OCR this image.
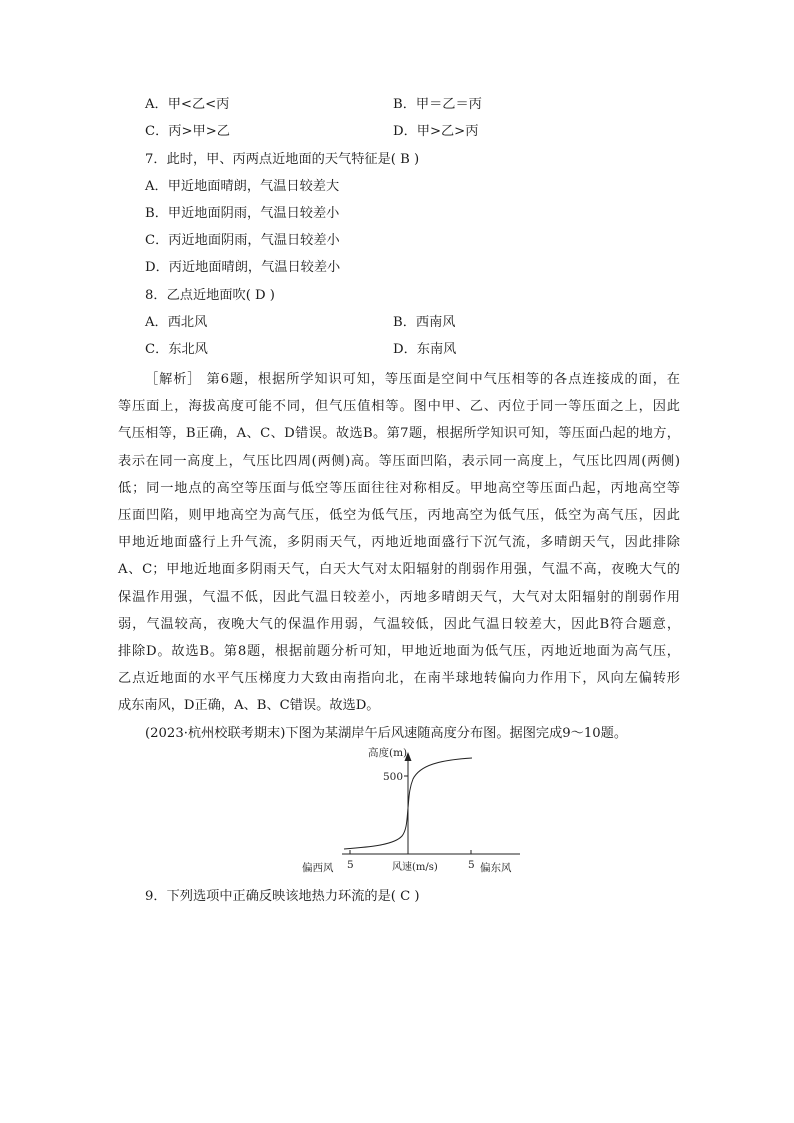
A．甲<乙<丙	B．甲＝乙＝丙
C．丙>甲>乙	D．甲>乙>丙
7．此时，甲、丙两点近地面的天气特征是( B )
A．甲近地面晴朗，气温日较差大
B．甲近地面阴雨，气温日较差小
C．丙近地面阴雨，气温日较差小
D．丙近地面晴朗，气温日较差小
8．乙点近地面吹( D )
A．西北风	B．西南风
C．东北风	D．东南风
［解析］ 第6题，根据所学知识可知，等压面是空间中气压相等的各点连接成的面，在
等压面上，海拔高度可能不同，但气压值相等。图中甲、乙、丙位于同一等压面之上，因此
气压相等，B正确，A、C、D错误。故选B。第7题，根据所学知识可知，等压面凸起的地方，
表示在同一高度上，气压比四周(两侧)高。等压面凹陷，表示同一高度上，气压比四周(两侧)
低；同一地点的高空等压面与低空等压面往往对称相反。甲地高空等压面凸起，丙地高空等
压面凹陷，则甲地高空为高气压，低空为低气压，丙地高空为低气压，低空为高气压，因此
甲地近地面盛行上升气流，多阴雨天气，丙地近地面盛行下沉气流，多晴朗天气，因此排除
A、C；甲地近地面多阴雨天气，白天大气对太阳辐射的削弱作用强，气温不高，夜晚大气的
保温作用强，气温不低，因此气温日较差小，丙地多晴朗天气，大气对太阳辐射的削弱作用
弱，气温较高，夜晚大气的保温作用弱，气温较低，因此气温日较差大，因此B符合题意，
排除D。故选B。第8题，根据前题分析可知，甲地近地面为低气压，丙地近地面为高气压，
乙点近地面的水平气压梯度力大致由南指向北，在南半球地转偏向力作用下，风向左偏转形
成东南风，D正确，A、B、C错误。故选D。
(2023·杭州校联考期末)下图为某湖岸午后风速随高度分布图。据图完成9～10题。
高度(m)
500
偏西风 5	风速(m/s)	5 偏东风
9．下列选项中正确反映该地热力环流的是( C )
